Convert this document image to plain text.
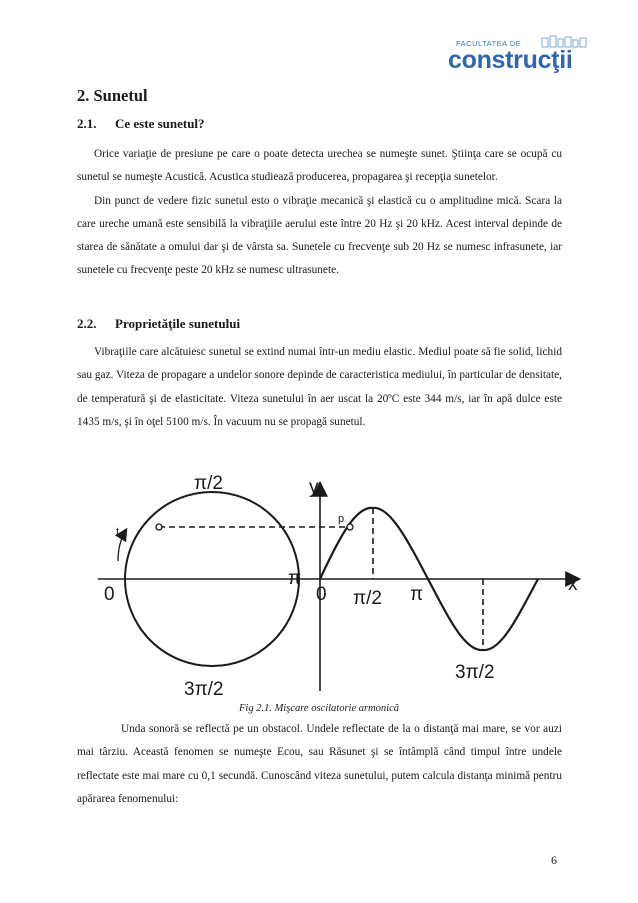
FACULTATEA DE
construcţii
2. Sunetul
2.1. Ce este sunetul?

Orice variaţie de presiune pe care o poate detecta urechea se numeşte sunet. Ştiinţa care se ocupă cu sunetul se numeşte Acustică. Acustica studiează producerea, propagarea şi recepţia sunetelor.

Din punct de vedere fizic sunetul esto o vibraţie mecanică şi elastică cu o amplitudine mică. Scara la care ureche umană este sensibilă la vibraţiile aerului este între 20 Hz şi 20 kHz. Acest interval depinde de starea de sănătate a omului dar şi de vârsta sa. Sunetele cu frecvenţe sub 20 Hz se numesc infrasunete, iar sunetele cu frecvenţe peste 20 kHz se numesc ultrasunete.

2.2. Proprietăţile sunetului

Vibraţiile care alcătuiesc sunetul se extind numai într-un mediu elastic. Mediul poate să fie solid, lichid sau gaz. Viteza de propagare a undelor sonore depinde de caracteristica mediului, în particular de densitate, de temperatură şi de elasticitate. Viteza sunetului în aer uscat la 20ºC este 344 m/s, iar în apă dulce este 1435 m/s, şi în oţel 5100 m/s. În vacuum nu se propagă sunetul.

π/2
3π/2
0
π
t
y
x
p
0 π/2 π
3π/2
Fig 2.1. Mişcare oscilatorie armonică

Unda sonoră se reflectă pe un obstacol. Undele reflectate de la o distanţă mai mare, se vor auzi mai târziu. Această fenomen se numeşte Ecou, sau Răsunet şi se întâmplă când timpul între undele reflectate este mai mare cu 0,1 secundă. Cunoscând viteza sunetului, putem calcula distanţa minimă pentru apărarea fenomenului:

6
